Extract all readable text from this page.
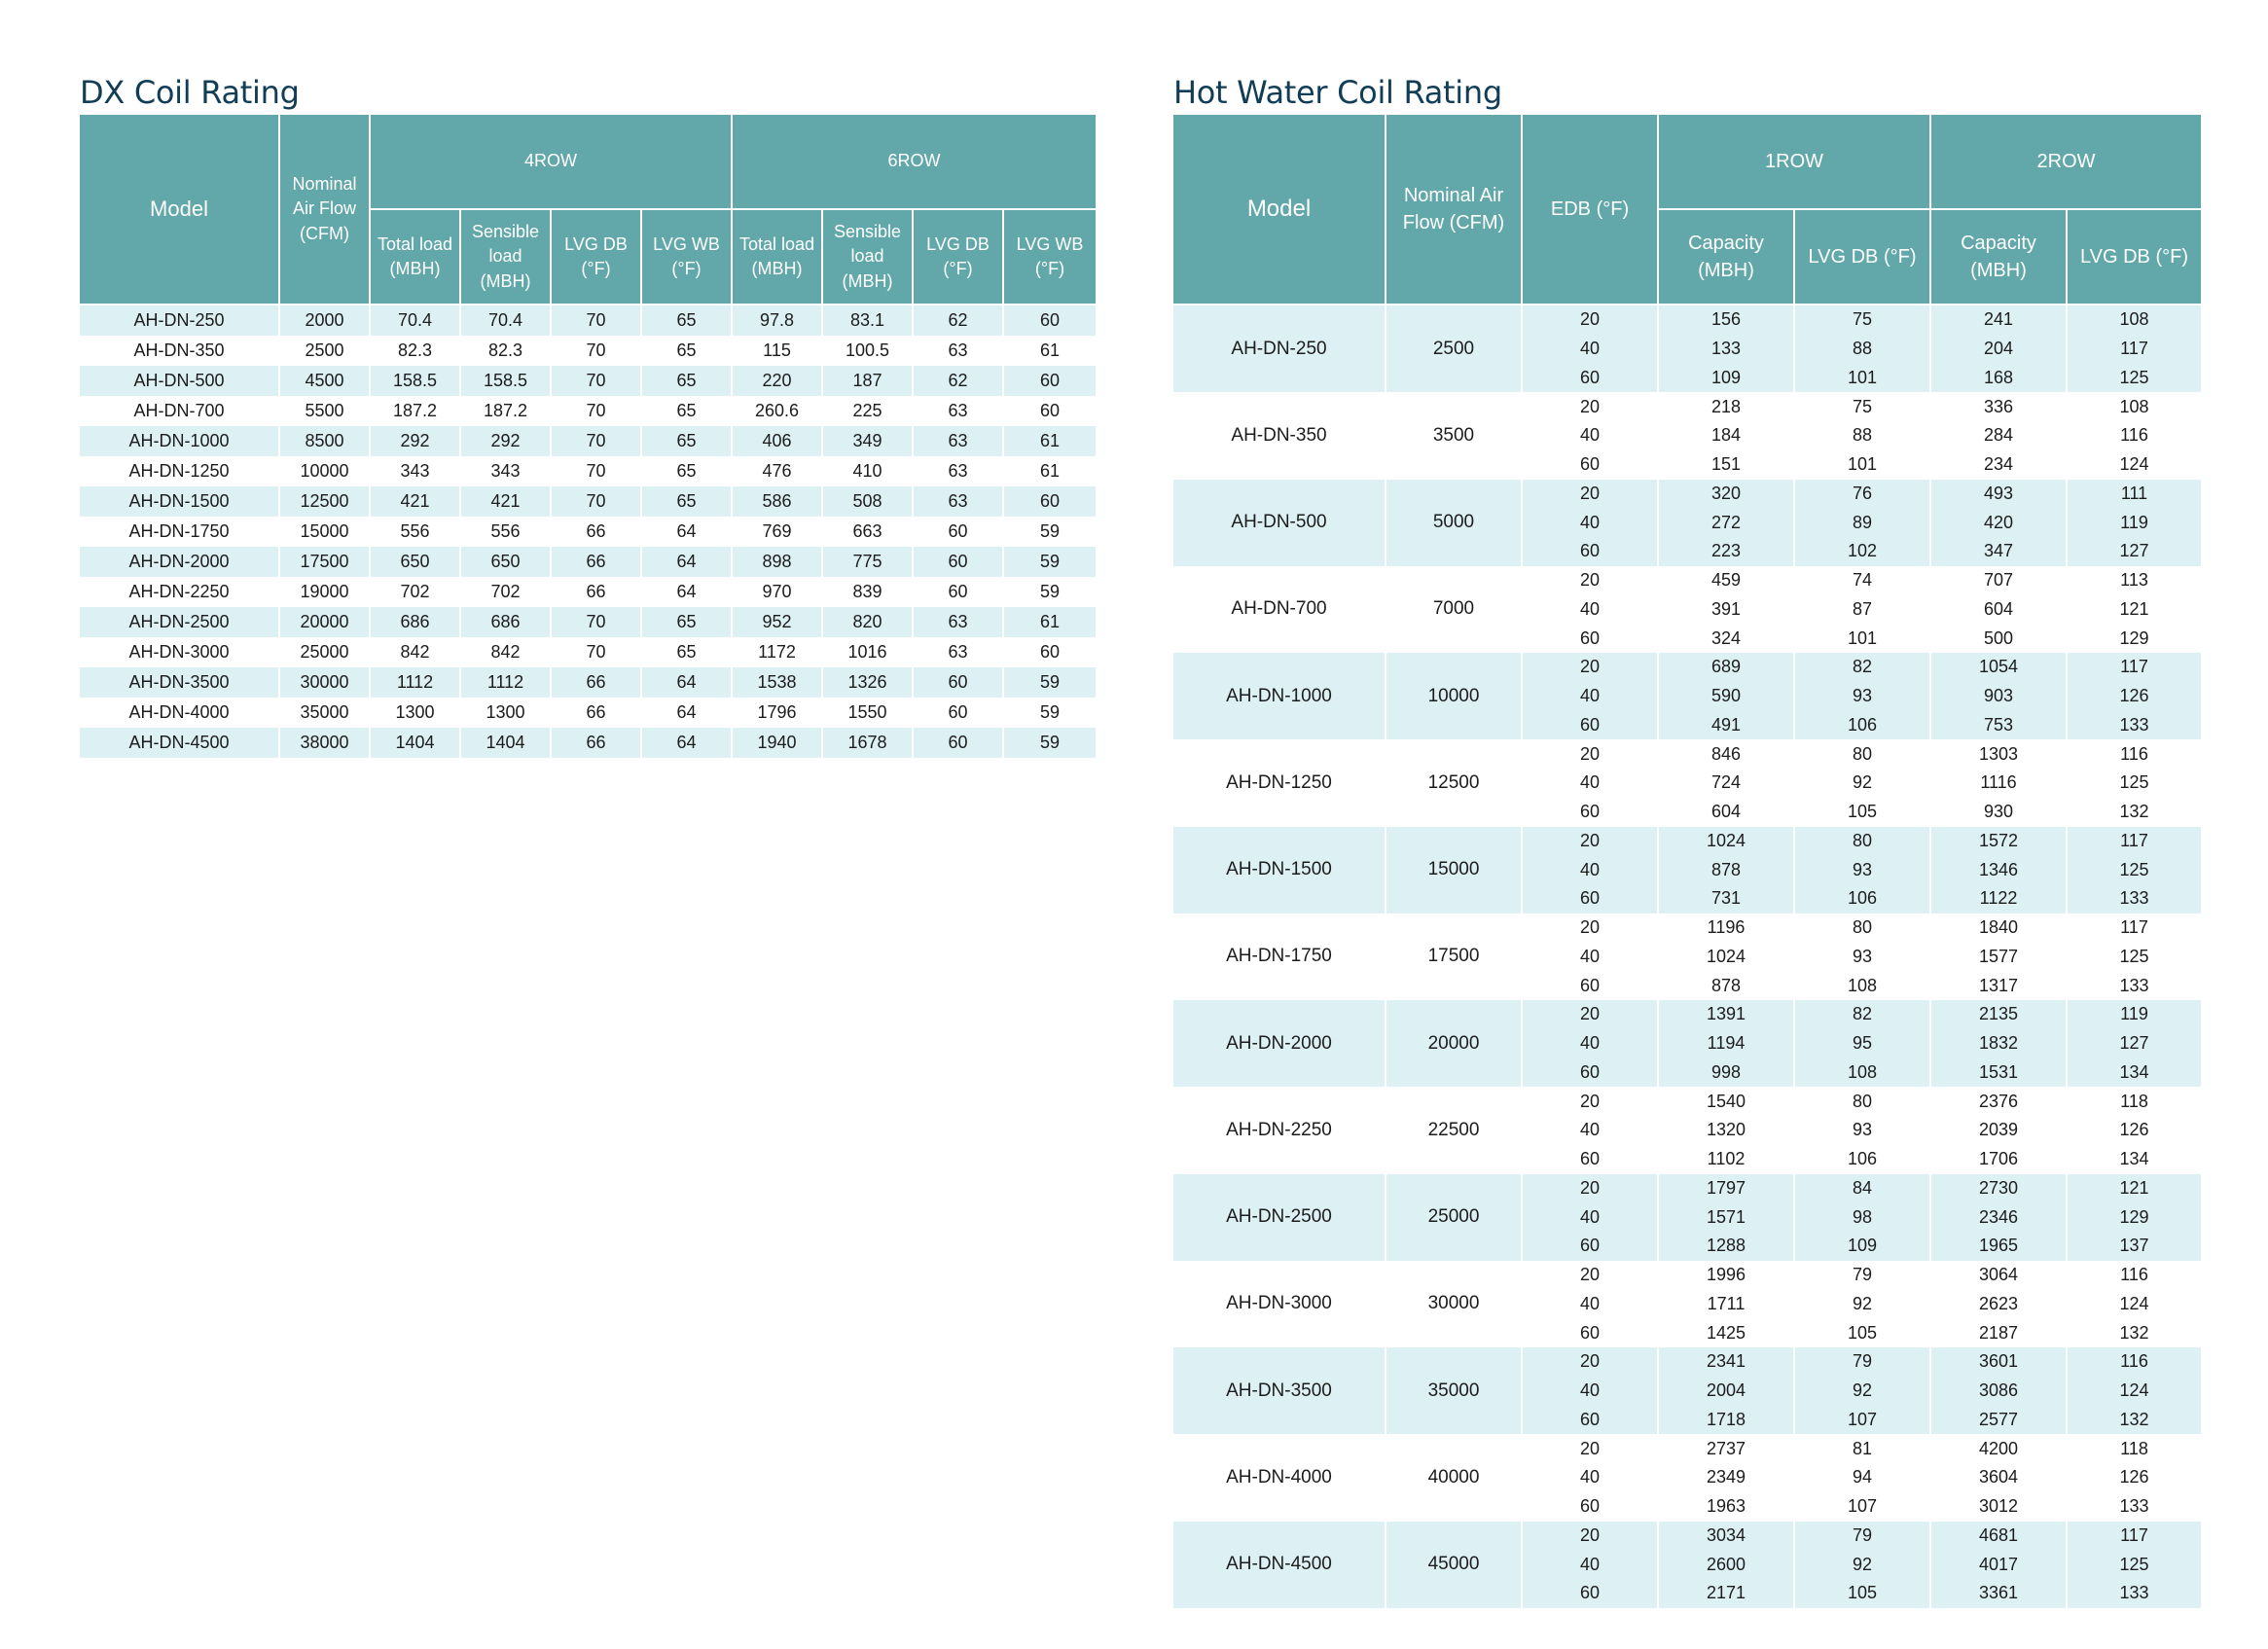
DX Coil Rating
Model	Nominal Air Flow (CFM)	4ROW				6ROW			
		Total load (MBH)	Sensible load (MBH)	LVG DB (°F)	LVG WB (°F)	Total load (MBH)	Sensible load (MBH)	LVG DB (°F)	LVG WB (°F)
AH-DN-250	2000	70.4	70.4	70	65	97.8	83.1	62	60
AH-DN-350	2500	82.3	82.3	70	65	115	100.5	63	61
AH-DN-500	4500	158.5	158.5	70	65	220	187	62	60
AH-DN-700	5500	187.2	187.2	70	65	260.6	225	63	60
AH-DN-1000	8500	292	292	70	65	406	349	63	61
AH-DN-1250	10000	343	343	70	65	476	410	63	61
AH-DN-1500	12500	421	421	70	65	586	508	63	60
AH-DN-1750	15000	556	556	66	64	769	663	60	59
AH-DN-2000	17500	650	650	66	64	898	775	60	59
AH-DN-2250	19000	702	702	66	64	970	839	60	59
AH-DN-2500	20000	686	686	70	65	952	820	63	61
AH-DN-3000	25000	842	842	70	65	1172	1016	63	60
AH-DN-3500	30000	1112	1112	66	64	1538	1326	60	59
AH-DN-4000	35000	1300	1300	66	64	1796	1550	60	59
AH-DN-4500	38000	1404	1404	66	64	1940	1678	60	59
Hot Water Coil Rating
Model	Nominal Air Flow (CFM)	EDB (°F)	1ROW		2ROW	
			Capacity (MBH)	LVG DB (°F)	Capacity (MBH)	LVG DB (°F)
AH-DN-250	2500	20	156	75	241	108
		40	133	88	204	117
		60	109	101	168	125
AH-DN-350	3500	20	218	75	336	108
		40	184	88	284	116
		60	151	101	234	124
AH-DN-500	5000	20	320	76	493	111
		40	272	89	420	119
		60	223	102	347	127
AH-DN-700	7000	20	459	74	707	113
		40	391	87	604	121
		60	324	101	500	129
AH-DN-1000	10000	20	689	82	1054	117
		40	590	93	903	126
		60	491	106	753	133
AH-DN-1250	12500	20	846	80	1303	116
		40	724	92	1116	125
		60	604	105	930	132
AH-DN-1500	15000	20	1024	80	1572	117
		40	878	93	1346	125
		60	731	106	1122	133
AH-DN-1750	17500	20	1196	80	1840	117
		40	1024	93	1577	125
		60	878	108	1317	133
AH-DN-2000	20000	20	1391	82	2135	119
		40	1194	95	1832	127
		60	998	108	1531	134
AH-DN-2250	22500	20	1540	80	2376	118
		40	1320	93	2039	126
		60	1102	106	1706	134
AH-DN-2500	25000	20	1797	84	2730	121
		40	1571	98	2346	129
		60	1288	109	1965	137
AH-DN-3000	30000	20	1996	79	3064	116
		40	1711	92	2623	124
		60	1425	105	2187	132
AH-DN-3500	35000	20	2341	79	3601	116
		40	2004	92	3086	124
		60	1718	107	2577	132
AH-DN-4000	40000	20	2737	81	4200	118
		40	2349	94	3604	126
		60	1963	107	3012	133
AH-DN-4500	45000	20	3034	79	4681	117
		40	2600	92	4017	125
		60	2171	105	3361	133
